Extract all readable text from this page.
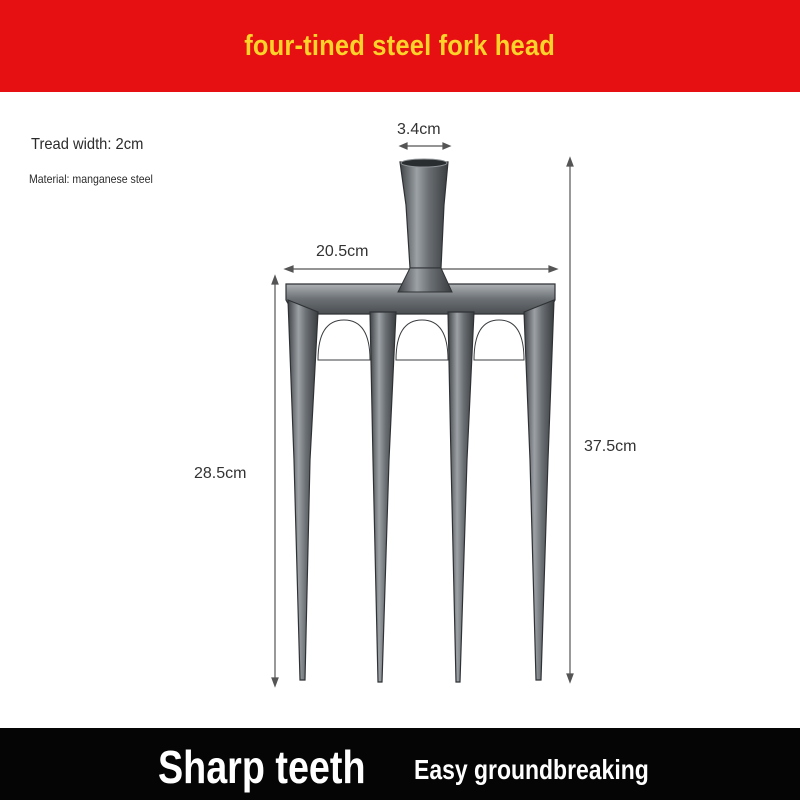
four-tined steel fork head
Tread width: 2cm
Material: manganese steel
3.4cm
20.5cm
28.5cm
37.5cm
Sharp teeth Easy groundbreaking
